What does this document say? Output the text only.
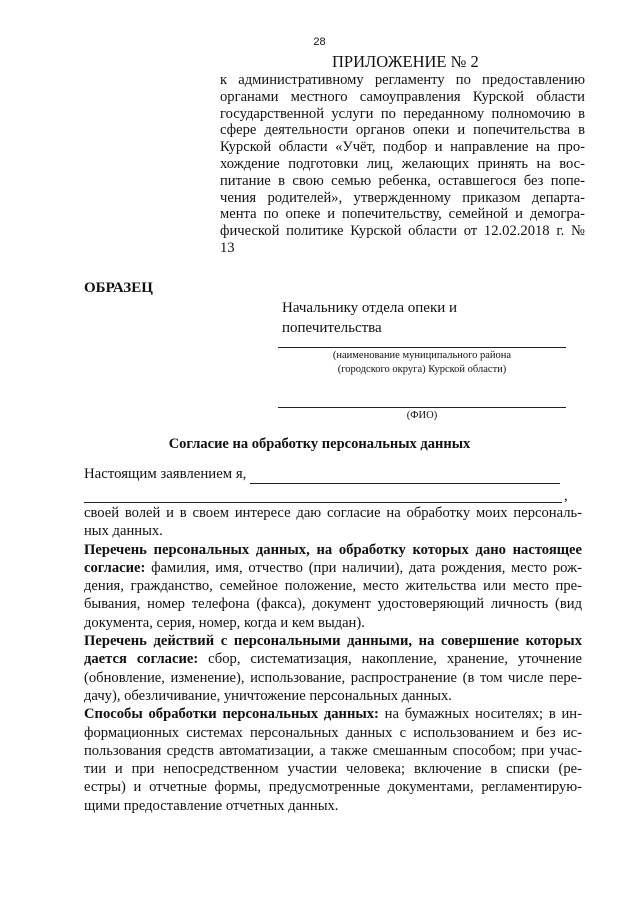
28
ПРИЛОЖЕНИЕ № 2
к административному регламенту по предоставлению
органами местного самоуправления Курской области
государственной услуги по переданному полномочию в
сфере деятельности органов опеки и попечительства в
Курской области «Учёт, подбор и направление на про-
хождение подготовки лиц, желающих принять на вос-
питание в свою семью ребенка, оставшегося без попе-
чения родителей», утвержденному приказом департа-
мента по опеке и попечительству, семейной и демогра-
фической политике Курской области от 12.02.2018 г. №
13
ОБРАЗЕЦ
Начальнику отдела опеки и
попечительства
(наименование муниципального района
(городского округа) Курской области)
(ФИО)
Согласие на обработку персональных данных
Настоящим заявлением я,
,
своей волей и в своем интересе даю согласие на обработку моих персональ-
ных данных.
Перечень персональных данных, на обработку которых дано настоящее
согласие: фамилия, имя, отчество (при наличии), дата рождения, место рож-
дения, гражданство, семейное положение, место жительства или место пре-
бывания, номер телефона (факса), документ удостоверяющий личность (вид
документа, серия, номер, когда и кем выдан).
Перечень действий с персональными данными, на совершение которых
дается согласие: сбор, систематизация, накопление, хранение, уточнение
(обновление, изменение), использование, распространение (в том числе пере-
дачу), обезличивание, уничтожение персональных данных.
Способы обработки персональных данных: на бумажных носителях; в ин-
формационных системах персональных данных с использованием и без ис-
пользования средств автоматизации, а также смешанным способом; при учас-
тии и при непосредственном участии человека; включение в списки (ре-
естры) и отчетные формы, предусмотренные документами, регламентирую-
щими предоставление отчетных данных.
